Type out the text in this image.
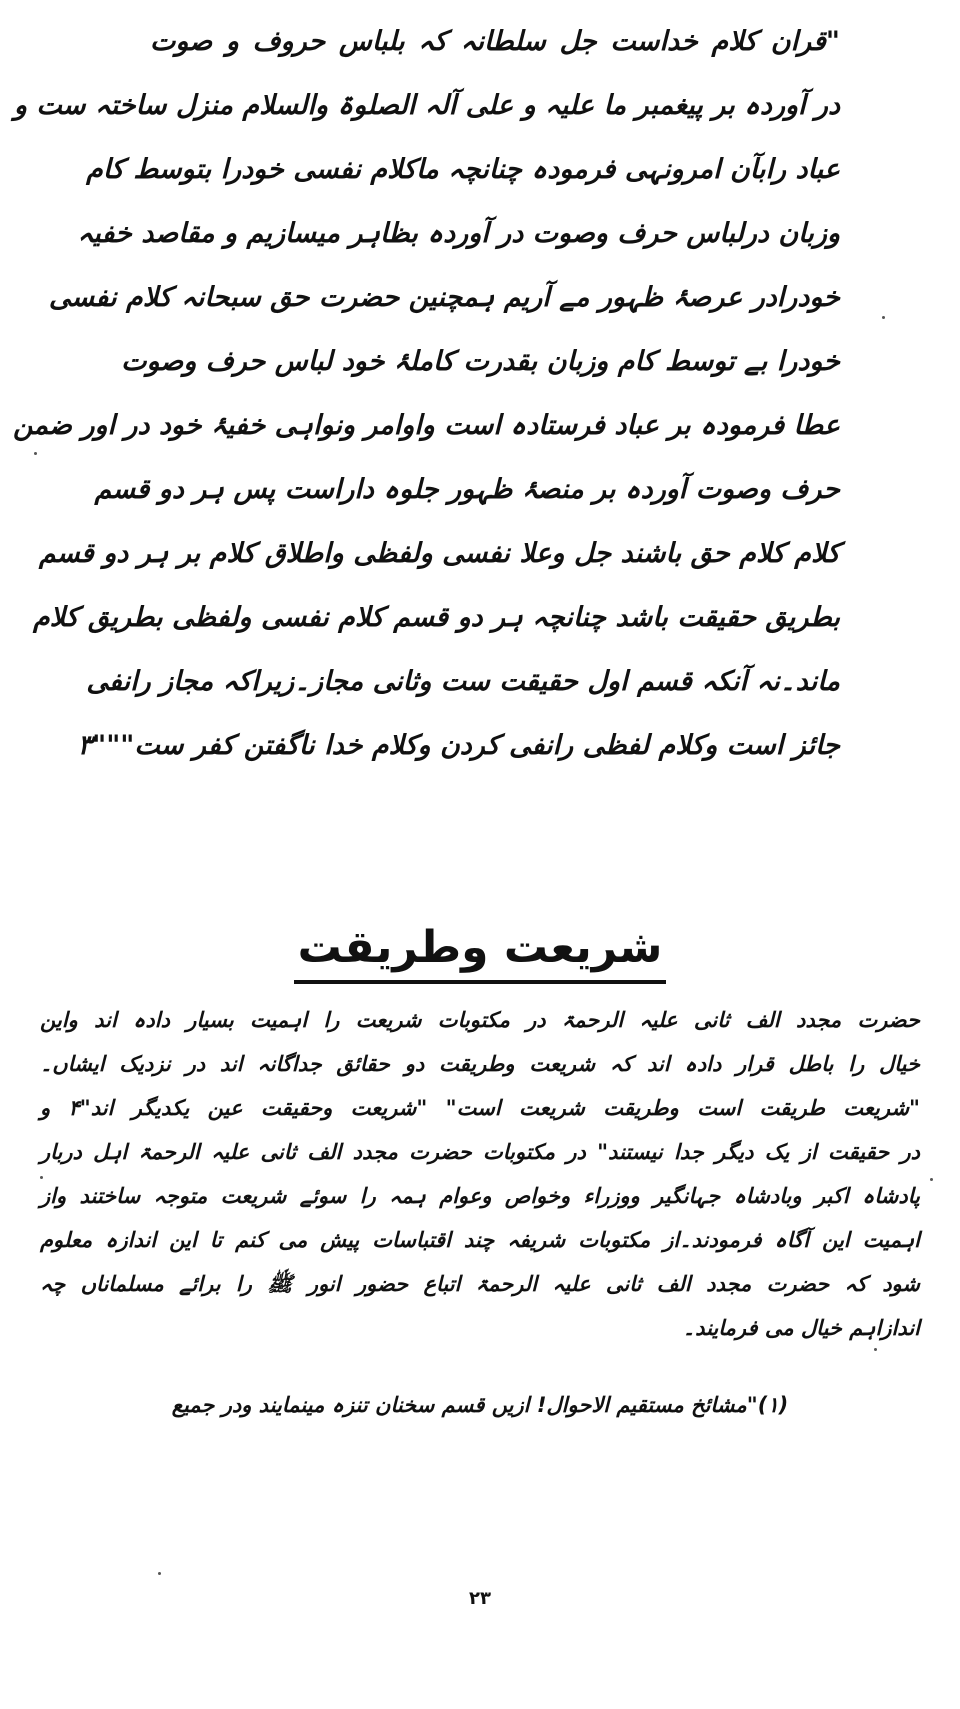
"قران کلام خداست جل سلطانہ کہ بلباس حروف و صوت
در آوردہ بر پیغمبر ما علیہ و علی آلہ الصلوۃ والسلام منزل ساختہ ست و
عباد رابآن امرونہی فرمودہ چنانچہ ماکلام نفسی خودرا بتوسط کام
وزبان درلباس حرف وصوت در آوردہ بظاہر میسازیم و مقاصد خفیہ
خودرادر عرصۂ ظہور مے آریم ہمچنین حضرت حق سبحانہ کلام نفسی
خودرا بے توسط کام وزبان بقدرت کاملۂ خود لباس حرف وصوت
عطا فرمودہ بر عباد فرستادہ است واوامر ونواہی خفیۂ خود در اور ضمن
حرف وصوت آوردہ بر منصۂ ظہور جلوہ داراست پس ہر دو قسم
کلام کلام حق باشند جل وعلا نفسی ولفظی واطلاق کلام بر ہر دو قسم
بطریق حقیقت باشد چنانچہ ہر دو قسم کلام نفسی ولفظی بطریق کلام
ماند۔نہ آنکہ قسم اول حقیقت ست وثانی مجاز۔زیراکہ مجاز رانفی
جائز است وکلام لفظی رانفی کردن وکلام خدا ناگفتن کفر ست"""۳
شریعت وطریقت
حضرت مجدد الف ثانی علیہ الرحمۃ در مکتوبات شریعت را اہمیت بسیار دادہ اند واین
خیال را باطل قرار دادہ اند کہ شریعت وطریقت دو حقائق جداگانہ اند در نزدیک ایشاں۔
"شریعت طریقت است وطریقت شریعت است" "شریعت وحقیقت عین یکدیگر اند"۴ و
در حقیقت از یک دیگر جدا نیستند" در مکتوبات حضرت مجدد الف ثانی علیہ الرحمۃ اہل دربار
پادشاہ اکبر وبادشاہ جہانگیر ووزراء وخواص وعوام ہمہ را سوئے شریعت متوجہ ساختند واز
اہمیت این آگاہ فرمودند۔از مکتوبات شریفہ چند اقتباسات پیش می کنم تا این اندازہ معلوم
شود کہ حضرت مجدد الف ثانی علیہ الرحمۃ اتباع حضور انور ﷺ را برائے مسلماناں چہ
اندازاہم خیال می فرمایند۔
(۱)"مشائخ مستقیم الاحوال! ازیں قسم سخنان تنزہ مینمایند ودر جمیع
۲۳
